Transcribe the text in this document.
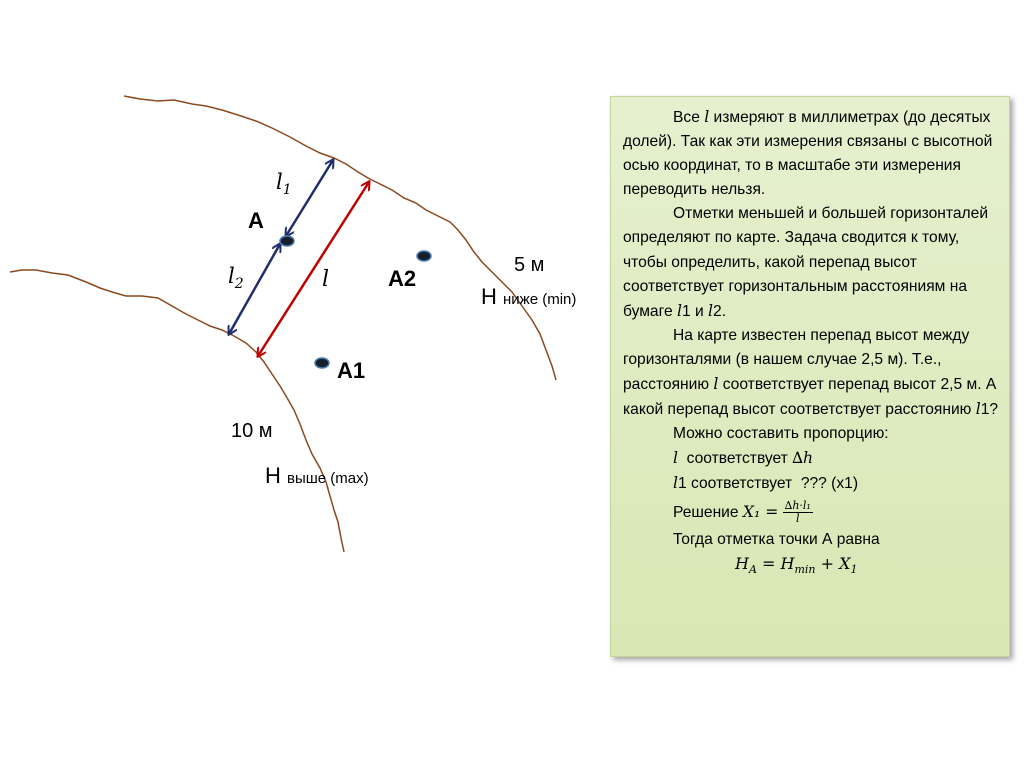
$l_1$
$l_2$	l
А
А2
А1
5 м
Н ниже (min)
10 м
Н выше (max)

Все l измеряют в миллиметрах (до десятых долей). Так как эти измерения связаны с высотной осью координат, то в масштабе эти измерения переводить нельзя.

Отметки меньшей и большей горизонталей определяют по карте. Задача сводится к тому, чтобы определить, какой перепад высот соответствует горизонтальным расстояниям на бумаге l1 и l2.

На карте известен перепад высот между горизонталями (в нашем случае 2,5 м). Т.е., расстоянию l соответствует перепад высот 2,5 м. А какой перепад высот соответствует расстоянию l1?

Можно составить пропорцию:

l  соответствует ∆h

l1 соответствует  ??? (х1)

Решение $X_1 = \frac{\text{∆h·l₁}}{l}$

Тогда отметка точки А равна

$H_A = H_{min} + X_1$
